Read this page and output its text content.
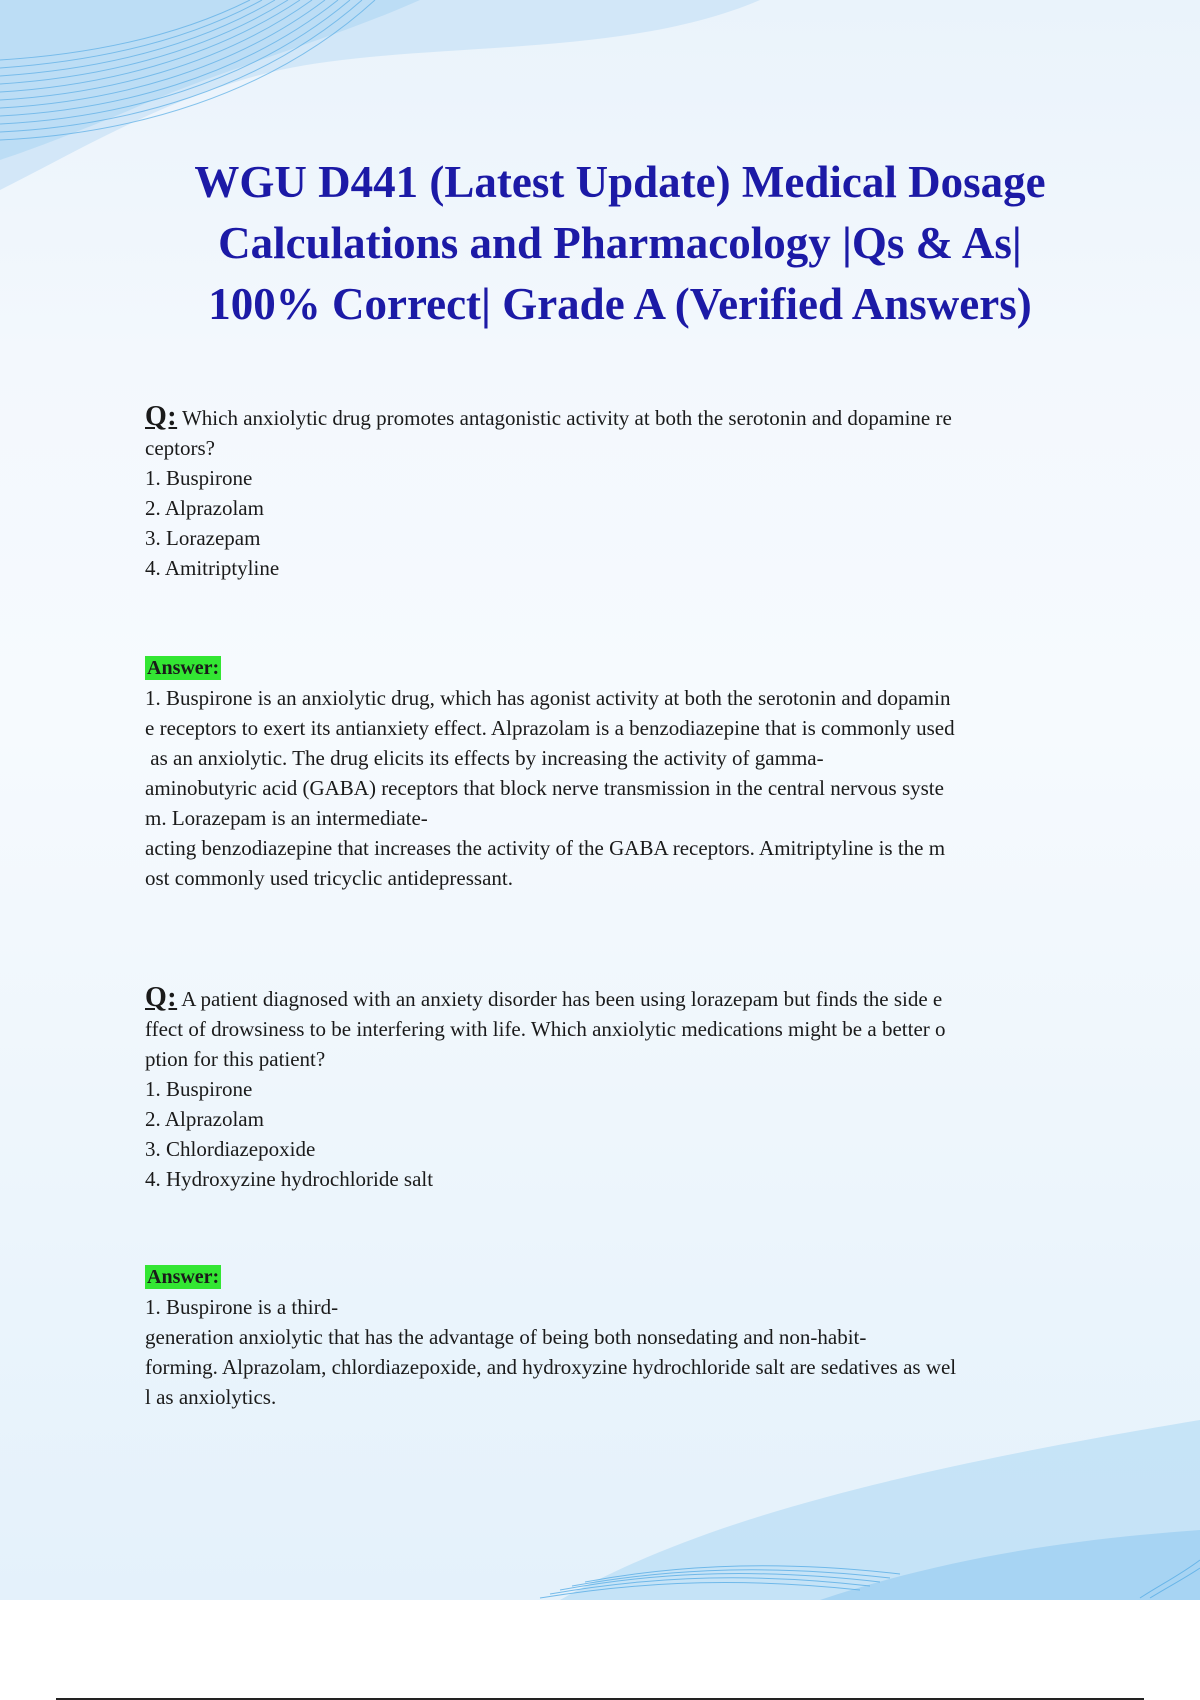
WGU D441 (Latest Update) Medical Dosage
Calculations and Pharmacology |Qs & As|
100% Correct| Grade A (Verified Answers)
Q: Which anxiolytic drug promotes antagonistic activity at both the serotonin and dopamine re
ceptors?
1. Buspirone
2. Alprazolam
3. Lorazepam
4. Amitriptyline
Answer:
1. Buspirone is an anxiolytic drug, which has agonist activity at both the serotonin and dopamin
e receptors to exert its antianxiety effect. Alprazolam is a benzodiazepine that is commonly used
as an anxiolytic. The drug elicits its effects by increasing the activity of gamma-
aminobutyric acid (GABA) receptors that block nerve transmission in the central nervous syste
m. Lorazepam is an intermediate-
acting benzodiazepine that increases the activity of the GABA receptors. Amitriptyline is the m
ost commonly used tricyclic antidepressant.
Q: A patient diagnosed with an anxiety disorder has been using lorazepam but finds the side e
ffect of drowsiness to be interfering with life. Which anxiolytic medications might be a better o
ption for this patient?
1. Buspirone
2. Alprazolam
3. Chlordiazepoxide
4. Hydroxyzine hydrochloride salt
Answer:
1. Buspirone is a third-
generation anxiolytic that has the advantage of being both nonsedating and non-habit-
forming. Alprazolam, chlordiazepoxide, and hydroxyzine hydrochloride salt are sedatives as wel
l as anxiolytics.
